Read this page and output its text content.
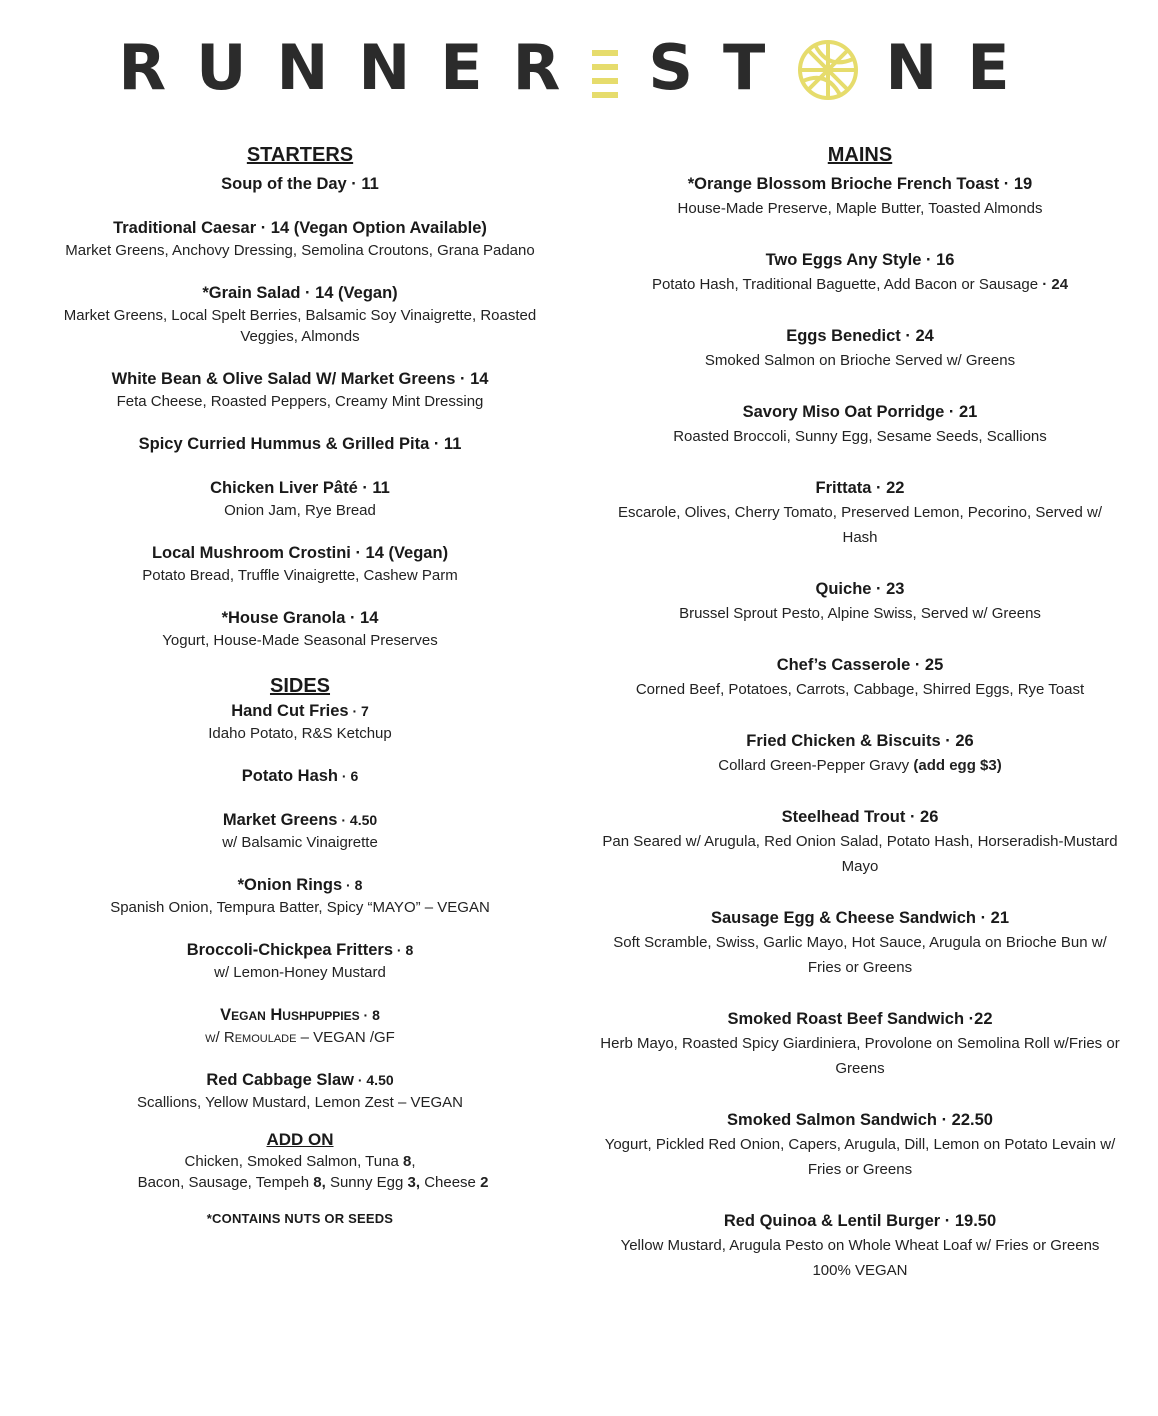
RUNNER ST NE
STARTERS
Soup of the Day · 11
Traditional Caesar · 14 (Vegan Option Available)
Market Greens, Anchovy Dressing, Semolina Croutons, Grana Padano
*Grain Salad · 14 (Vegan)
Market Greens, Local Spelt Berries, Balsamic Soy Vinaigrette, Roasted Veggies, Almonds
White Bean & Olive Salad W/ Market Greens · 14
Feta Cheese, Roasted Peppers, Creamy Mint Dressing
Spicy Curried Hummus & Grilled Pita · 11
Chicken Liver Pâté · 11
Onion Jam, Rye Bread
Local Mushroom Crostini · 14 (Vegan)
Potato Bread, Truffle Vinaigrette, Cashew Parm
*House Granola · 14
Yogurt, House-Made Seasonal Preserves
SIDES
Hand Cut Fries · 7
Idaho Potato, R&S Ketchup
Potato Hash · 6
Market Greens · 4.50
w/ Balsamic Vinaigrette
*Onion Rings · 8
Spanish Onion, Tempura Batter, Spicy “MAYO” – VEGAN
Broccoli-Chickpea Fritters · 8
w/ Lemon-Honey Mustard
Vegan Hushpuppies · 8
w/ Remoulade – VEGAN /GF
Red Cabbage Slaw · 4.50
Scallions, Yellow Mustard, Lemon Zest – VEGAN
ADD ON
Chicken, Smoked Salmon, Tuna 8,
Bacon, Sausage, Tempeh 8, Sunny Egg 3, Cheese 2
*CONTAINS NUTS OR SEEDS
MAINS
*Orange Blossom Brioche French Toast · 19
House-Made Preserve, Maple Butter, Toasted Almonds
Two Eggs Any Style · 16
Potato Hash, Traditional Baguette, Add Bacon or Sausage · 24
Eggs Benedict · 24
Smoked Salmon on Brioche Served w/ Greens
Savory Miso Oat Porridge · 21
Roasted Broccoli, Sunny Egg, Sesame Seeds, Scallions
Frittata · 22
Escarole, Olives, Cherry Tomato, Preserved Lemon, Pecorino, Served w/ Hash
Quiche · 23
Brussel Sprout Pesto, Alpine Swiss, Served w/ Greens
Chef’s Casserole · 25
Corned Beef, Potatoes, Carrots, Cabbage, Shirred Eggs, Rye Toast
Fried Chicken & Biscuits · 26
Collard Green-Pepper Gravy (add egg $3)
Steelhead Trout · 26
Pan Seared w/ Arugula, Red Onion Salad, Potato Hash, Horseradish-Mustard Mayo
Sausage Egg & Cheese Sandwich · 21
Soft Scramble, Swiss, Garlic Mayo, Hot Sauce, Arugula on Brioche Bun w/ Fries or Greens
Smoked Roast Beef Sandwich ·22
Herb Mayo, Roasted Spicy Giardiniera, Provolone on Semolina Roll w/Fries or Greens
Smoked Salmon Sandwich · 22.50
Yogurt, Pickled Red Onion, Capers, Arugula, Dill, Lemon on Potato Levain w/ Fries or Greens
Red Quinoa & Lentil Burger · 19.50
Yellow Mustard, Arugula Pesto on Whole Wheat Loaf w/ Fries or Greens 100% VEGAN
